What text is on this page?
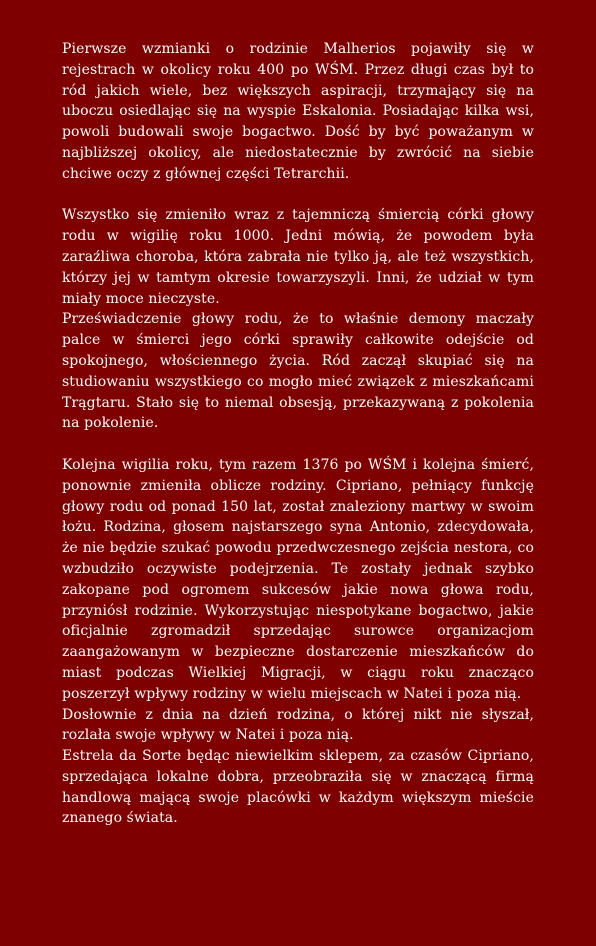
Pierwsze wzmianki o rodzinie Malherios pojawiły się w rejestrach w okolicy roku 400 po WŚM. Przez długi czas był to ród jakich wiele, bez większych aspiracji, trzymający się na uboczu osiedlając się na wyspie Eskalonia. Posiadając kilka wsi, powoli budowali swoje bogactwo. Dość by być poważanym w najbliższej okolicy, ale niedostatecznie by zwrócić na siebie chciwe oczy z głównej części Tetrarchii.

Wszystko się zmieniło wraz z tajemniczą śmiercią córki głowy rodu w wigilię roku 1000. Jedni mówią, że powodem była zaraźliwa choroba, która zabrała nie tylko ją, ale też wszystkich, którzy jej w tamtym okresie towarzyszyli. Inni, że udział w tym miały moce nieczyste.

Przeświadczenie głowy rodu, że to właśnie demony maczały palce w śmierci jego córki sprawiły całkowite odejście od spokojnego, włościennego życia. Ród zaczął skupiać się na studiowaniu wszystkiego co mogło mieć związek z mieszkańcami Trągtaru. Stało się to niemal obsesją, przekazywaną z pokolenia na pokolenie.

Kolejna wigilia roku, tym razem 1376 po WŚM i kolejna śmierć, ponownie zmieniła oblicze rodziny. Cipriano, pełniący funkcję głowy rodu od ponad 150 lat, został znaleziony martwy w swoim łożu. Rodzina, głosem najstarszego syna Antonio, zdecydowała, że nie będzie szukać powodu przedwczesnego zejścia nestora, co wzbudziło oczywiste podejrzenia. Te zostały jednak szybko zakopane pod ogromem sukcesów jakie nowa głowa rodu, przyniósł rodzinie. Wykorzystując niespotykane bogactwo, jakie oficjalnie zgromadził sprzedając surowce organizacjom zaangażowanym w bezpieczne dostarczenie mieszkańców do miast podczas Wielkiej Migracji, w ciągu roku znacząco poszerzył wpływy rodziny w wielu miejscach w Natei i poza nią.

Dosłownie z dnia na dzień rodzina, o której nikt nie słyszał, rozlała swoje wpływy w Natei i poza nią.

Estrela da Sorte będąc niewielkim sklepem, za czasów Cipriano, sprzedająca lokalne dobra, przeobraziła się w znaczącą firmą handlową mającą swoje placówki w każdym większym mieście znanego świata.
